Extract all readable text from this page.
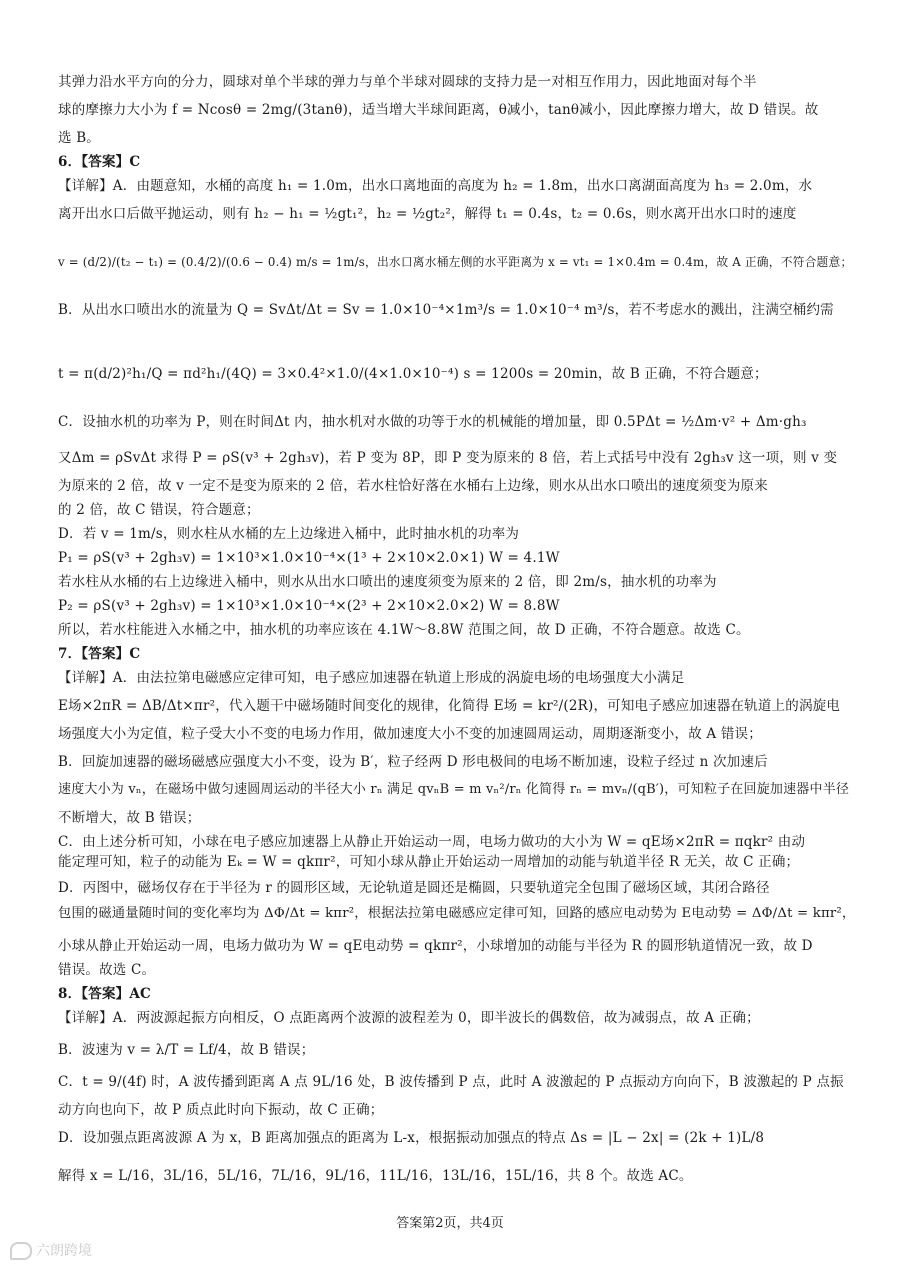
其弹力沿水平方向的分力，圆球对单个半球的弹力与单个半球对圆球的支持力是一对相互作用力，因此地面对每个半
球的摩擦力大小为 f = Ncosθ = 2mg/(3tanθ)，适当增大半球间距离，θ减小，tanθ减小，因此摩擦力增大，故 D 错误。故
选 B。
6．【答案】C
【详解】A．由题意知，水桶的高度 h₁ = 1.0m，出水口离地面的高度为 h₂ = 1.8m，出水口离湖面高度为 h₃ = 2.0m，水
离开出水口后做平抛运动，则有 h₂ − h₁ = ½gt₁²，h₂ = ½gt₂²，解得 t₁ = 0.4s，t₂ = 0.6s，则水离开出水口时的速度
v = (d/2)/(t₂ − t₁) = (0.4/2)/(0.6 − 0.4) m/s = 1m/s，出水口离水桶左侧的水平距离为 x = vt₁ = 1×0.4m = 0.4m，故 A 正确，不符合题意；
B．从出水口喷出水的流量为 Q = SvΔt/Δt = Sv = 1.0×10⁻⁴×1m³/s = 1.0×10⁻⁴ m³/s，若不考虑水的溅出，注满空桶约需
t = π(d/2)²h₁/Q = πd²h₁/(4Q) = 3×0.4²×1.0/(4×1.0×10⁻⁴) s = 1200s = 20min，故 B 正确，不符合题意；
C．设抽水机的功率为 P，则在时间Δt 内，抽水机对水做的功等于水的机械能的增加量，即 0.5PΔt = ½Δm·v² + Δm·gh₃
又Δm = ρSvΔt 求得 P = ρS(v³ + 2gh₃v)，若 P 变为 8P，即 P 变为原来的 8 倍，若上式括号中没有 2gh₃v 这一项，则 v 变
为原来的 2 倍，故 v 一定不是变为原来的 2 倍，若水柱恰好落在水桶右上边缘，则水从出水口喷出的速度须变为原来
的 2 倍，故 C 错误，符合题意；
D．若 v = 1m/s，则水柱从水桶的左上边缘进入桶中，此时抽水机的功率为
P₁ = ρS(v³ + 2gh₃v) = 1×10³×1.0×10⁻⁴×(1³ + 2×10×2.0×1) W = 4.1W
若水柱从水桶的右上边缘进入桶中，则水从出水口喷出的速度须变为原来的 2 倍，即 2m/s，抽水机的功率为
P₂ = ρS(v³ + 2gh₃v) = 1×10³×1.0×10⁻⁴×(2³ + 2×10×2.0×2) W = 8.8W
所以，若水柱能进入水桶之中，抽水机的功率应该在 4.1W～8.8W 范围之间，故 D 正确，不符合题意。故选 C。
7．【答案】C
【详解】A．由法拉第电磁感应定律可知，电子感应加速器在轨道上形成的涡旋电场的电场强度大小满足
E场×2πR = ΔB/Δt×πr²，代入题干中磁场随时间变化的规律，化简得 E场 = kr²/(2R)，可知电子感应加速器在轨道上的涡旋电
场强度大小为定值，粒子受大小不变的电场力作用，做加速度大小不变的加速圆周运动，周期逐渐变小，故 A 错误；
B．回旋加速器的磁场磁感应强度大小不变，设为 B′，粒子经两 D 形电极间的电场不断加速，设粒子经过 n 次加速后
速度大小为 vₙ，在磁场中做匀速圆周运动的半径大小 rₙ 满足 qvₙB = m vₙ²/rₙ 化简得 rₙ = mvₙ/(qB′)，可知粒子在回旋加速器中半径
不断增大，故 B 错误；
C．由上述分析可知，小球在电子感应加速器上从静止开始运动一周，电场力做功的大小为 W = qE场×2πR = πqkr² 由动
能定理可知，粒子的动能为 Eₖ = W = qkπr²，可知小球从静止开始运动一周增加的动能与轨道半径 R 无关，故 C 正确；
D．丙图中，磁场仅存在于半径为 r 的圆形区域，无论轨道是圆还是椭圆，只要轨道完全包围了磁场区域，其闭合路径
包围的磁通量随时间的变化率均为 ΔΦ/Δt = kπr²，根据法拉第电磁感应定律可知，回路的感应电动势为 E电动势 = ΔΦ/Δt = kπr²，
小球从静止开始运动一周，电场力做功为 W = qE电动势 = qkπr²，小球增加的动能与半径为 R 的圆形轨道情况一致，故 D
错误。故选 C。
8．【答案】AC
【详解】A．两波源起振方向相反，O 点距离两个波源的波程差为 0，即半波长的偶数倍，故为减弱点，故 A 正确；
B．波速为 v = λ/T = Lf/4，故 B 错误；
C．t = 9/(4f) 时，A 波传播到距离 A 点 9L/16 处，B 波传播到 P 点，此时 A 波激起的 P 点振动方向向下，B 波激起的 P 点振
动方向也向下，故 P 质点此时向下振动，故 C 正确；
D．设加强点距离波源 A 为 x，B 距离加强点的距离为 L-x，根据振动加强点的特点 Δs = |L − 2x| = (2k + 1)L/8
解得 x = L/16，3L/16，5L/16，7L/16，9L/16，11L/16，13L/16，15L/16，共 8 个。故选 AC。
答案第2页，共4页
六朗跨境
